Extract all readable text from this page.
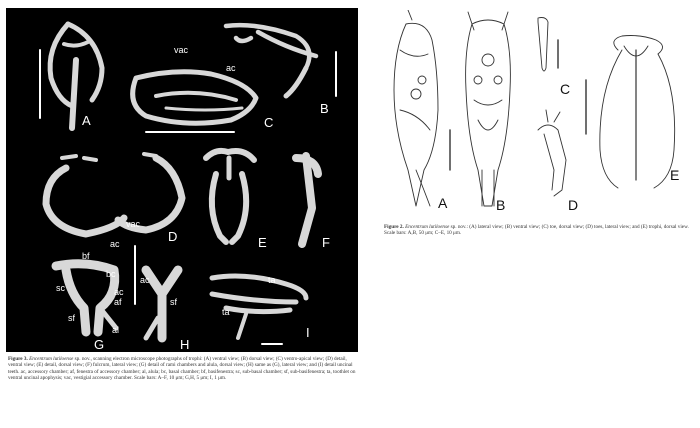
A
B
C
D	E	F
G	H
I
vac
ac
ac
vac
bf
bc
sc	ac
af
sf
al
ac
sf
ta
ta
Figure 3. Encentrum lutiloense sp. nov., scanning electron microscope photographs of trophi: (A) ventral view; (B) dorsal view; (C) ventro-apical view; (D) detail, ventral view; (E) detail, dorsal view; (F) fulcrum, lateral view; (G) detail of rami chambers and alula, dorsal view; (H) same as (G), lateral view; and (I) detail uncinal teeth. ac, accessory chamber; af, fenestra of accessory chamber; al, alula; bc, basal chamber; bf, basifenestra; sc, sub-basal chamber; sf, sub-basifenestra; ta, toothlet on ventral uncinal apophysis; vac, vestigial accessory chamber. Scale bars: A–F, 10 μm; G,H, 5 μm; I, 1 μm.
A	B
C
D
E
Figure 2. Encentrum lutiloense sp. nov.: (A) lateral view; (B) ventral view; (C) toe, dorsal view; (D) toes, lateral view; and (E) trophi, dorsal view. Scale bars: A,B, 50 μm; C–E, 10 μm.
